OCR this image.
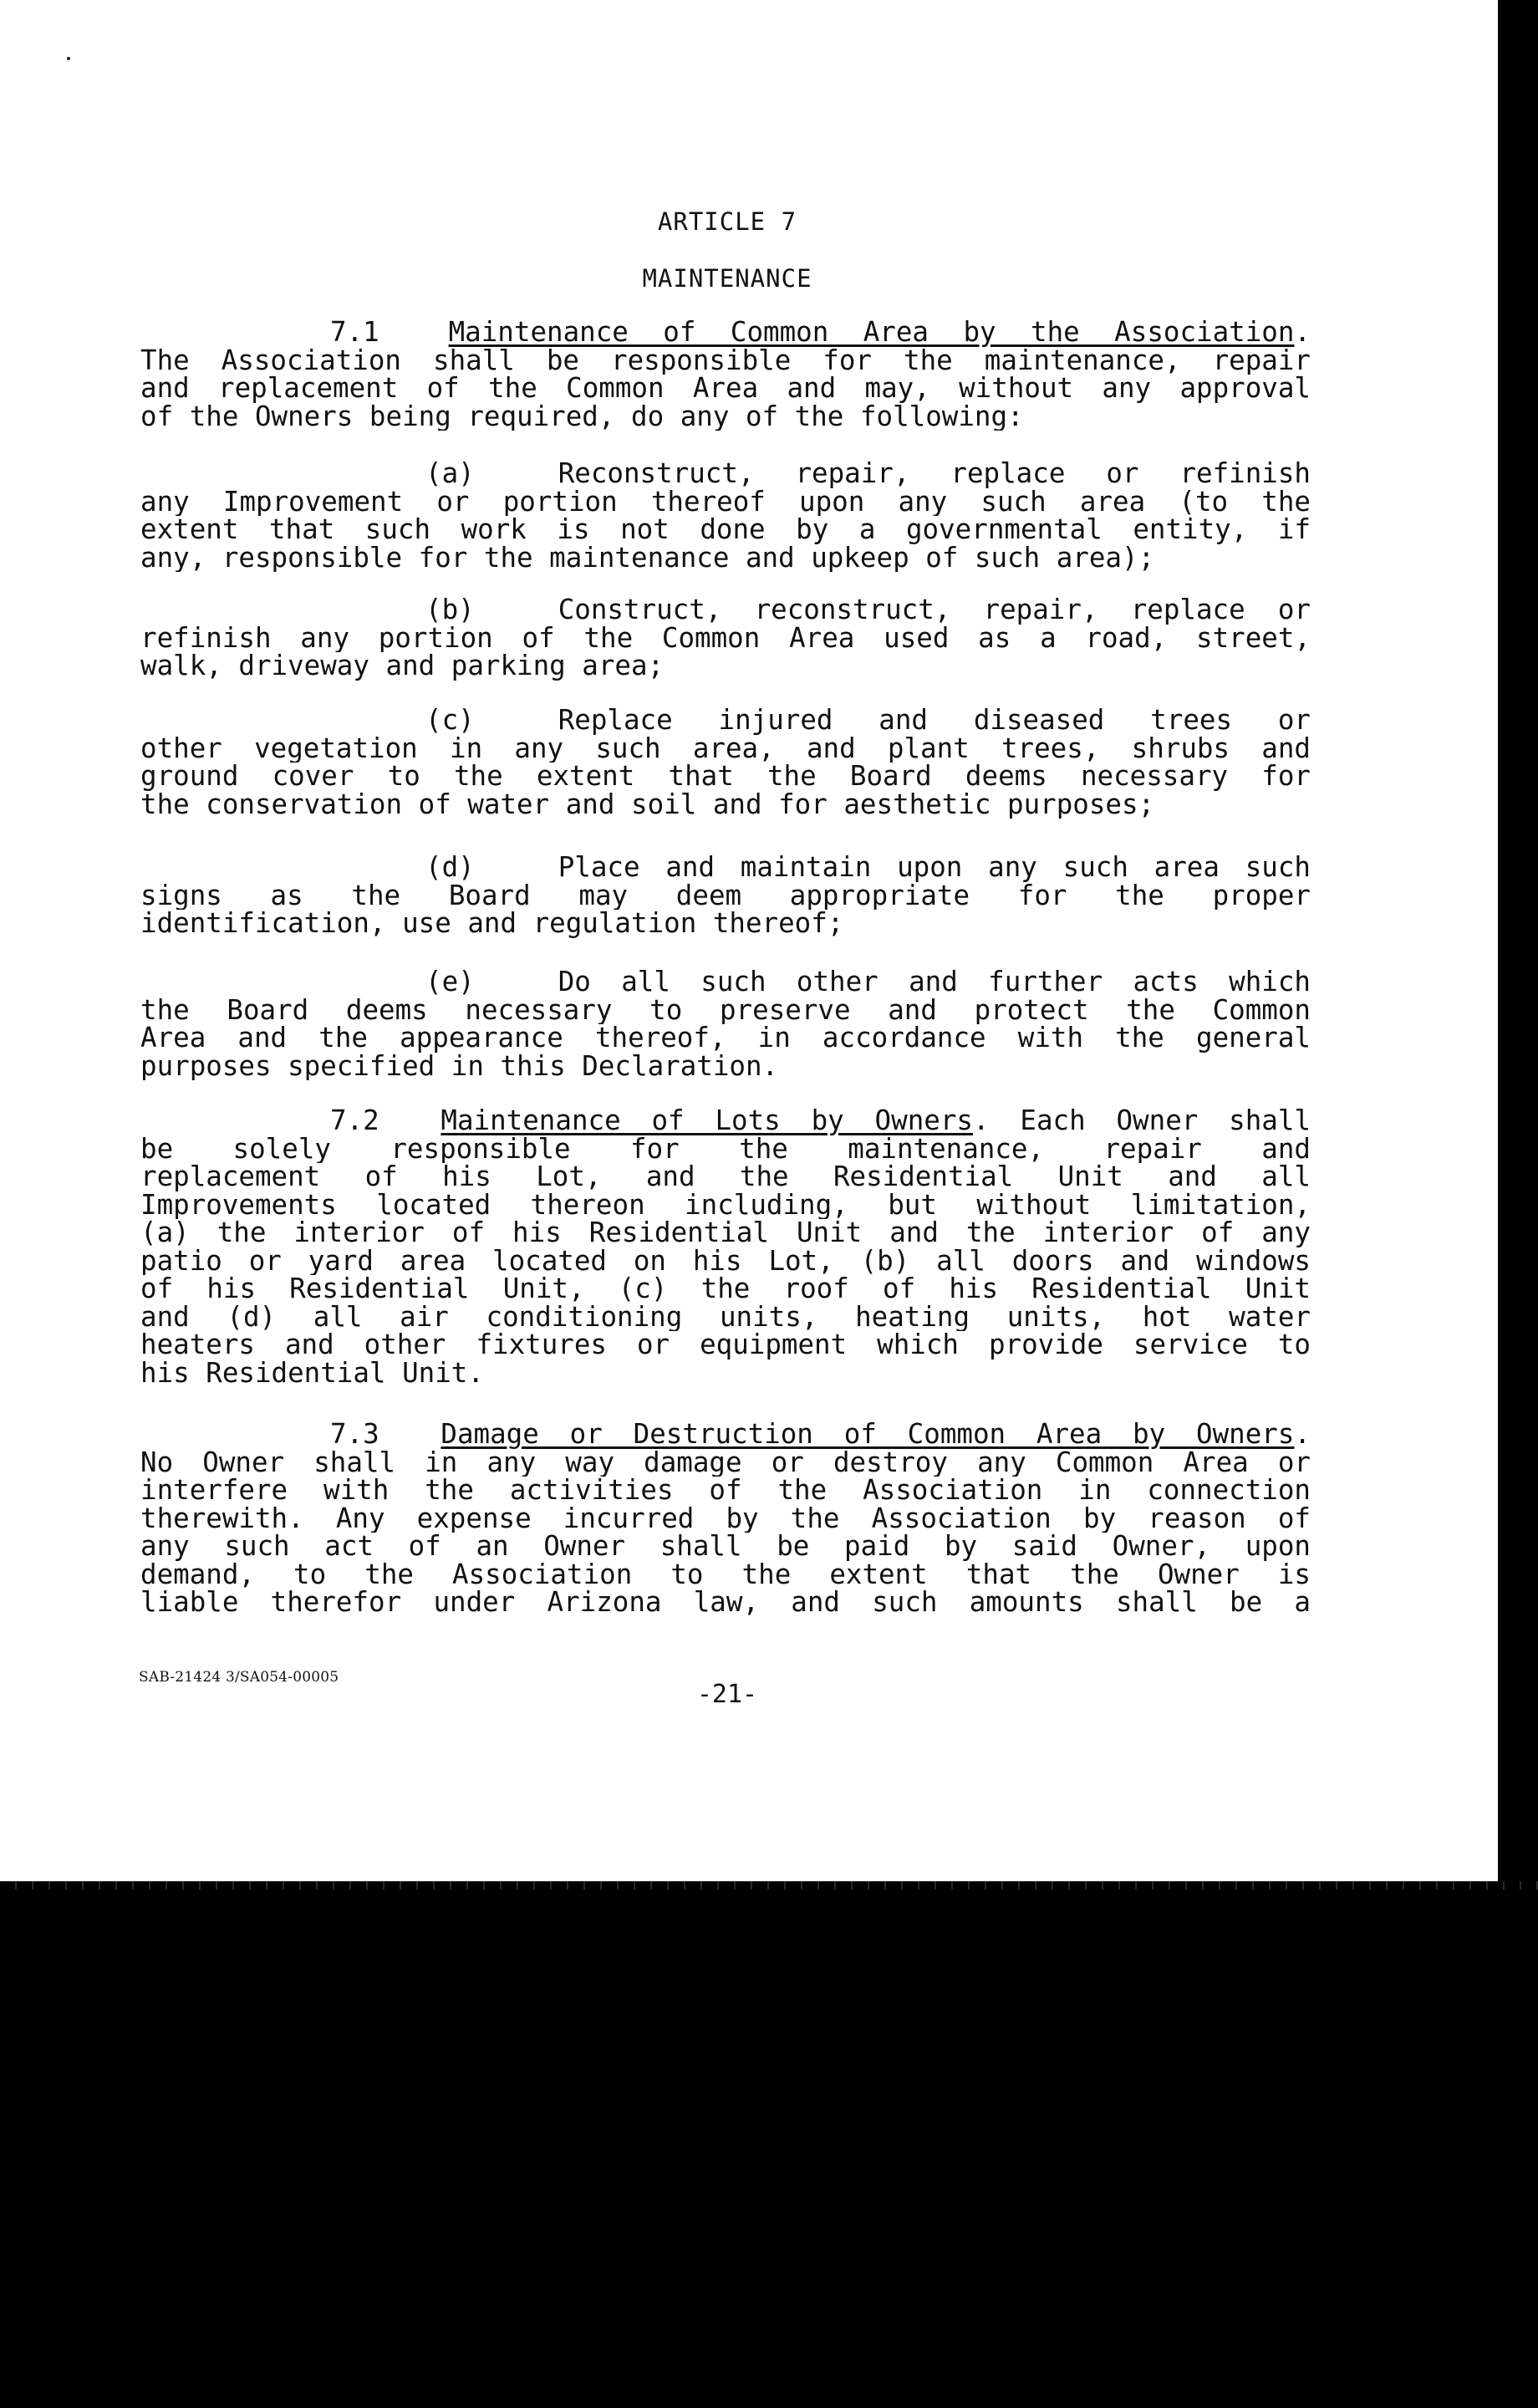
ARTICLE 7
MAINTENANCE
7.1	Maintenance of Common Area by the Association.
The Association shall be responsible for the maintenance, repair
and replacement of the Common Area and may, without any approval
of the Owners being required, do any of the following:
(a)	Reconstruct, repair, replace or refinish
any Improvement or portion thereof upon any such area (to the
extent that such work is not done by a governmental entity, if
any, responsible for the maintenance and upkeep of such area);
(b)	Construct, reconstruct, repair, replace or
refinish any portion of the Common Area used as a road, street,
walk, driveway and parking area;
(c)	Replace injured and diseased trees or
other vegetation in any such area, and plant trees, shrubs and
ground cover to the extent that the Board deems necessary for
the conservation of water and soil and for aesthetic purposes;
(d)	Place and maintain upon any such area such
signs as the Board may deem appropriate for the proper
identification, use and regulation thereof;
(e)	Do all such other and further acts which
the Board deems necessary to preserve and protect the Common
Area and the appearance thereof, in accordance with the general
purposes specified in this Declaration.
7.2 Maintenance of Lots by Owners. Each Owner shall
be solely responsible for the maintenance, repair and
replacement of his Lot, and the Residential Unit and all
Improvements located thereon including, but without limitation,
(a) the interior of his Residential Unit and the interior of any
patio or yard area located on his Lot, (b) all doors and windows
of his Residential Unit, (c) the roof of his Residential Unit
and (d) all air conditioning units, heating units, hot water
heaters and other fixtures or equipment which provide service to
his Residential Unit.
7.3 Damage or Destruction of Common Area by Owners.
No Owner shall in any way damage or destroy any Common Area or
interfere with the activities of the Association in connection
therewith. Any expense incurred by the Association by reason of
any such act of an Owner shall be paid by said Owner, upon
demand, to the Association to the extent that the Owner is
liable therefor under Arizona law, and such amounts shall be a
SAB-21424 3/SA054-00005
-21-
